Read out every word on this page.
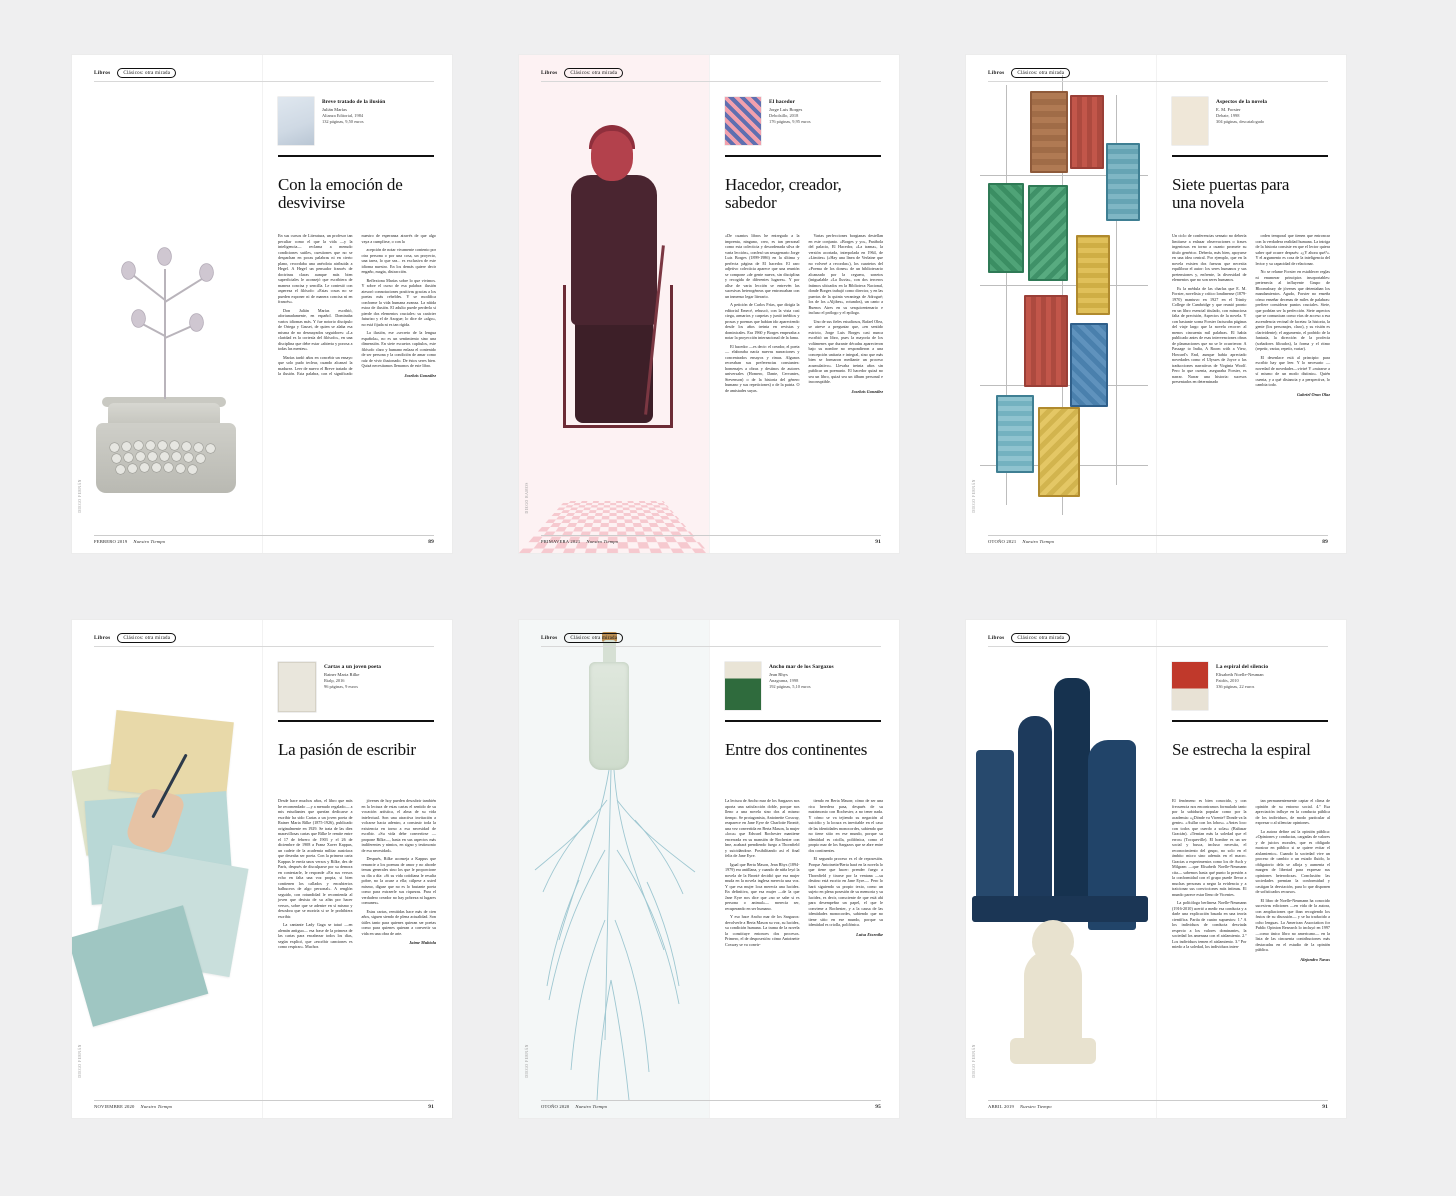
DIEGO FERNÁN
Libros	Clásicos: otra mirada
Breve tratado de la ilusión
Julián Marías
Alianza Editorial, 1984
132 páginas, 9,50 euros
Con la emoción de desvivirse

En sus cursos de Literatura, un profesor tan peculiar como el que la vida —y la inteligencia— reclama a menudo condiciones sutiles, cuestiones que no se despachan en pocas palabras ni en cierto plano, recordaba una anécdota atribuida a Hegel. A Hegel un pensador francés de doctrinas claras aunque más bien superficiales le aconsejó que escribiera de manera concisa y sencilla. Le contestó con aspereza el filósofo: «Estas cosas no se pueden exponer ni de manera concisa ni en francés».

Don Julián Marías escribió, afortunadamente, en español. Dominaba varios idiomas más. Y fue notorio discípulo de Ortega y Gasset, de quien se alaba esa misma de no desmayados seguidores: «La claridad es la cortesía del filósofo», en una disciplina que debe estar «abierta y porosa a todas las mentes».

Marías tardó años en concebir un ensayo que solo pudo teclear, cuando alcanzó la madurez. Leer de nuevo el Breve tratado de la ilusión. Esta palabra, con el significado nuestro de esperanza através de que algo vaya a cumplirse, o con la

acepción de notar vivamente contento por otra persona o por una cosa, un proyecto, una tarea, lo que sea... es exclusiva de este idioma nuestro. En los demás quiere decir engaño, magia, distracción.

Reflexiona Marías sobre lo que vivimos. Y sobre el curso de esa palabra: ilusión atesoró connotaciones positivas gracias a los poetas más rebeldes. Y se modifica conforme la vida humana avanza. La nítida estoa de ilusión. El adulto puede perderla si pierde dos elementos cruciales: su carácter futurizo y el de Azogue; lo dice de «algo», no está fijada ni es tan rígida.

La ilusión, ese «secreto de la lengua española», no es un sentimiento sino una dimensión. En siete escuetos capítulos, este filósofo claro y humano enlaza el contenido de ser persona y la condición de amar como raíz de vivir ilusionado. De éstos seres bien. Quizá necesitamos llenarnos de este libro.

Joseluis González
FEBRERO 2019 Nuestro Tiempo	89
DIEGO RAMOS
Libros	Clásicos: otra mirada
El hacedor
Jorge Luis Borges
Debolsillo, 2018
176 páginas, 9,95 euros
Hacedor, creador, sabedor

«De cuantos libros he entregado a la imprenta, ninguno, creo, es tan personal como esta colecticia y desordenada silva de varia lección», confesó un sexagenario Jorge Luis Borges (1899-1986) en la última y perfecta página de El hacedor. El raro adjetivo colecticia aparece que una reunión se compone «de gente nueva, sin disciplina y recogida de diferentes lugares». Y por allse de varia lección se entrevén las sucesivas heterogéneas que entroncaban con un inmenso legar literario.

A petición de Carlos Frías, que dirigía la editorial Emecé, rebuscó, con la vista casi ciega, armarios y carpetas y juntó inéditos y prosas y poemas que habían ido apareciendo desde los años treinta en revistas y dominicales. Era 1960 y Borges empezaba a notar la proyección internacional de la fama.

El hacedor —es decir: el creador, el poeta— elaboraba nacía nuevas narraciones y concentrados ensayos y rimas. Algunos recreaban sus preferencias constantes: homenajes a obras y destinos de autores universales (Homero, Dante, Cervantes, Stevenson) o de la historia del género humano y sus repeticiones) o de la patria. O de amistades suyas.

Varias perfecciones borgianas destellan en este conjunto. «Borges y yo», Parábola del palacio, El Hacedor, «La trama», la versión acortada, interpolada en 1964, de «Límites» («Hay una línea de Verlaine que no volveré a recordar»), los cuartetos del «Poema de los dones» de un bibliotecario alcanzado por la ceguera, sonetos (inigualable «La lluvia», con dos terceros íntimos ubicados en la Biblioteca Nacional, donde Borges trabajó como director, y en las puertas de la quinta veraniega de Adrogué; los de los «Aljibes», rotundos), un canto a Buenos Aires en su sesquicentenario e incluso el prólogo y el epílogo.

Uno de sus fieles estudiosos, Rafael Olea, se atreve a preguntar que, «en sentido estricto, Jorge Luis Borges casi nunca escribió un libro, pues la mayoría de los volúmenes que durante décadas aparecieron bajo su nombre no respondieron a una concepción unitaria e integral, sino que más bien se formaron mediante un proceso acumulativo». Llevaba treinta años sin publicar un poemario. El hacedor quizá no sea un libro, quizá sea un álbum personal e incorruptible.

Joseluis González
PRIMAVERA 2021 Nuestro Tiempo	91
DIEGO FERNÁN
Libros	Clásicos: otra mirada
Aspectos de la novela
E. M. Forster
Debate, 1998
304 páginas, descatalogado
Siete puertas para una novela

Un ciclo de conferencias sensato no debería limitarse a enlazar observaciones o frases ingeniosas en torno a cuanto promete su título genérico. Debería, más bien, apoyarse en una idea central. Por ejemplo, que en la novela existen dos fuerzas que necesita equilibrar el autor: los seres humanos y sus pretensiones y, enfrente, la diversidad de elementos que no son seres humanos.

Es la médula de las charlas que E. M. Forster, novelista y crítico londinense (1879-1970) mantuvo en 1927 en el Trinity College de Cambridge y que reunió pronto en un libro esencial titulado, con minuciosa falta de precisión, Aspectos de la novela. Y con bastante sorna Forster facturaba páginas del viaje largo que la novela recorre: al menos cincuenta mil palabras. El había publicado antes de esas intervenciones obras de plasmaciones que no se le ocurrieron: A Passage to India, A Room with a View, Howard's End, aunque había apreciado novedades como el Ulysses de Joyce o las traducciones narrativas de Virginia Woolf. Pero lo que cuenta, aseguraba Forster, es narrar. Narrar una historia: sucesos presentados en determinado

orden temporal que tienen que entroncar con la verdadera realidad humana. La intriga de la historia consiste en que el lector quiera saber qué ocurre después: «¿Y ahora qué?». Y el argumento es cosa de la inteligencia del lector y su capacidad de relacionar.

No se relame Forster en establecer reglas ni enumerar principios insoportables: pertenecía al influyente Grupo de Bloomsbury de jóvenes que detentaban los mandamientos. Agudo, Forster no enseña cómo enseñar decenas de miles de palabras: prefiere considerar puntos cruciales. Siete, que podrían ser la perfección. Siete aspectos que se comunican como vías de acceso a esa ascendencia vecinal de facetas: la historia, la gente (los personajes, claro), y su visión es clarividente); el argumento, el podrido de la fantasía, la dirección de la profecía (soñadores filtrados), la forma y el ritmo (repetir, variar, repetir, variar).

El desenlace está al principio: para escribir hay que leer. Y lo necesario —novedad de novedades—viviré Y «mirarse a sí mismo de un modo distinto». Quién cuenta, y a qué distancia y a perspectiva, lo cambia todo.

Gabriel Oran Olaz
OTOÑO 2021 Nuestro Tiempo	89
DIEGO FERNÁN
Libros	Clásicos: otra mirada
Cartas a un joven poeta
Rainer Maria Rilke
Rialp, 2016
96 páginas, 9 euros
La pasión de escribir

Desde hace muchos años, el libro que más he recomendado —y a menudo regalado— a mis estudiantes que querían dedicarse a escribir ha sido Cartas a un joven poeta de Rainer Maria Rilke (1875-1926), publicado originalmente en 1929. Se trata de las diez maravillosas cartas que Rilke le remite entre el 17 de febrero de 1903 y el 26 de diciembre de 1908 a Franz Xaver Kappus, un cadete de la academia militar austríaca que deseaba ser poeta. Con la primera carta Kappus le envía unos versos y Rilke, des de París, después de disculparse por su demora en contestarle, le responde «En sus versos echo en falta una voz propia, si bien contienen los callados y encubiertos balbuceos de algo personal». A renglón seguido, con rotundidad le recomienda al joven que desista de su afán por hacer versos, sobre que se adentre en sí mismo y descubra que se moriría si se le prohibiera escribir.

La cantante Lady Gaga se tatuó —en alemán antiguo— esa frase de la primera de las cartas para encabezar todos los días, según explicó, que «escribir canciones es como respirar». Muchos

jóvenes de hoy pueden descubrir también en la lectura de estas cartas el sentido de su vocación artística, el alma de su vida intelectual. Son una atractiva invitación a volcarse hacia adentro, a construir toda la existencia en torno a esa necesidad de escribir. «Su vida debe convertirse —propone Rilke—, hasta en sus aspectos más indiferentes y nimios, en signo y testimonio de esa necesidad».

Después, Rilke aconseja a Kappus que renuncie a los poemas de amor y no aborde temas generales sino los que le proporcione su día a día: «Si su vida cotidiana le resulta pobre, no la acuse a ella; cúlpese a usted mismo, dígase que no es lo bastante poeta como para extraerle sus riquezas. Para el verdadero creador no hay pobreza ni lugares comunes».

Estas cartas, remitidas hace más de cien años, siguen siendo de plena actualidad. Son útiles tanto para quienes quieran ser poetas como para quienes quieran a convertir su vida en una obra de arte.

Jaime Mubiola
NOVIEMBRE 2020 Nuestro Tiempo	91
DIEGO FERNÁN
Libros	Clásicos: otra mirada
Ancho mar de los Sargazos
Jean Rhys
Anagrama, 1998
192 páginas, 5,10 euros
Entre dos continentes

La lectura de Ancho mar de los Sargazos nos aporta una satisfacción doble, porque nos lleno a una novela sino dos al mismo tiempo. Se protagonista, Antoinette Cosway, reaparece en Jane Eyre de Charlotte Brontë, una vez convertida en Berta Mason, la mujer «loca» que Edward Rochester mantiene encerrada en su mansión de Rochester con lme, acabará prendiendo fuego a Thornfield y suicidándose. Posibilitando así el final feliz de Jane Eyre.

Igual que Berta Mason, Jean Rhys (1894-1979) era antillana, y cuando de niña leyó la novela de la Brontë decidió que esa mujer muda en la novela inglesa merecía una voz. Y que esa mujer loca merecía una lucidez. En definitiva, que esa mujer —de la que Jane Eyre nos dice que «no se sabe si es persona o animal»— merecía ser, recuperando en ser humano.

Y eso hace Ancho mar de los Sargazos: devolverle a Berta Mason su voz, su lucidez, su condición humana. La trama de la novela la constituye entonces dos procesos. Primero, el de desposesión: cómo Antoinette Cosway se va convir-

tiendo en Berta Mason; cómo de ser una rica heredera pasa, después de su matrimonio con Rochester, a no tener nada. Y cómo se va tejiendo su negación al suicidio y la locura es inevitable en el caso de las identidades monocordes, sabiendo que no tiene sitio en ese mundo, porque su identidad es criolla, polifónica, como el propio mar de los Sargazos que se abre entre dos continentes.

El segundo proceso es el de reposesión. Porque Antoinette/Berta hará en la novela lo que tiene que hacer: prender fuego a Thornfield y tirarse por la ventana —su destino está escrito en Jane Eyre—. Pero lo hará siguiendo su propio texto, como un sujeto en plena posesión de su memoria y su lucidez, es decir, consciente de que está ahí para desempeñar un papel, el que le conviene a Rochester, y a la causa de las identidades monocordes, sabiendo que no tiene sitio en ese mundo, porque su identidad es criolla, polifónica.

Luisa Etxenike
OTOÑO 2020 Nuestro Tiempo	95
DIEGO FERNÁN
Libros	Clásicos: otra mirada
La espiral del silencio
Elisabeth Noelle-Neuman
Paidós, 2010
336 páginas, 22 euros
Se estrecha la espiral

El fenómeno es bien conocido, y con frecuencia nos encontramos formulado tanto por la sabiduría popular como por la academia: «¿Dónde va Vicente? Donde va la gente». «Aullar con los lobos». «Antes loco con todos que cuerdo a solas» (Baltasar Gracián). «Temían más la soledad que el error» (Tocqueville). El hombre es un ser social y busca, incluso necesita, el reconocimiento del grupo, no solo en el ámbito micro sino además en el macro. Gracias a experimentos como los de Asch y Milgram —que Elisabeth Noelle-Neumann cita— sabemos hasta qué punto la presión a la conformidad con el grupo puede llevar a muchas personas a negar la evidencia y a traicionar sus convicciones más íntimas. El mundo parece estar lleno de Vicentes.

La politóloga berlinesa Noelle-Neumann (1916-2010) acertó a medir esa conducta y a darle una explicación basada en una teoría científica. Partía de cuatro supuestos: 1.º A los individuos de conducta desviada respecto a los valores dominantes, la sociedad los amenaza con el aislamiento. 2.º Los individuos temen el aislamiento. 3.º Por miedo a la soledad, los individuos inten-

tan permanentemente captar el clima de opinión de su entorno social. 4.º Esa apreciación influye en la conducta pública de los individuos, de modo particular al expresar o al silenciar opiniones.

La autora define así la opinión pública: «Opiniones y conductas, cargadas de valores y de juicios morales, que es obligado mostrar en público si se quiere evitar el aislamiento». Cuando la sociedad vive un proceso de cambio o un estado fluido, lo obligatorio dela se afloja y aumenta el margen de libertad para expresar sus opiniones heterodoxas. Conclusión: las sociedades premian la conformidad y castigan la desviación, para lo que disponen de sofisticados recursos.

El libro de Noelle-Neumann ha conocido sucesivas ediciones —en vida de la autora, con ampliaciones que iban recogiendo los frutos de su discusión— y se ha traducido a ocho lenguas. La American Association for Public Opinion Research lo incluyó en 1997 —como único libro no americano— en la lista de las cincuenta contribuciones más destacadas en el estudio de la opinión pública.

Alejandro Navas
ABRIL 2019 Nuestro Tiempo	91
